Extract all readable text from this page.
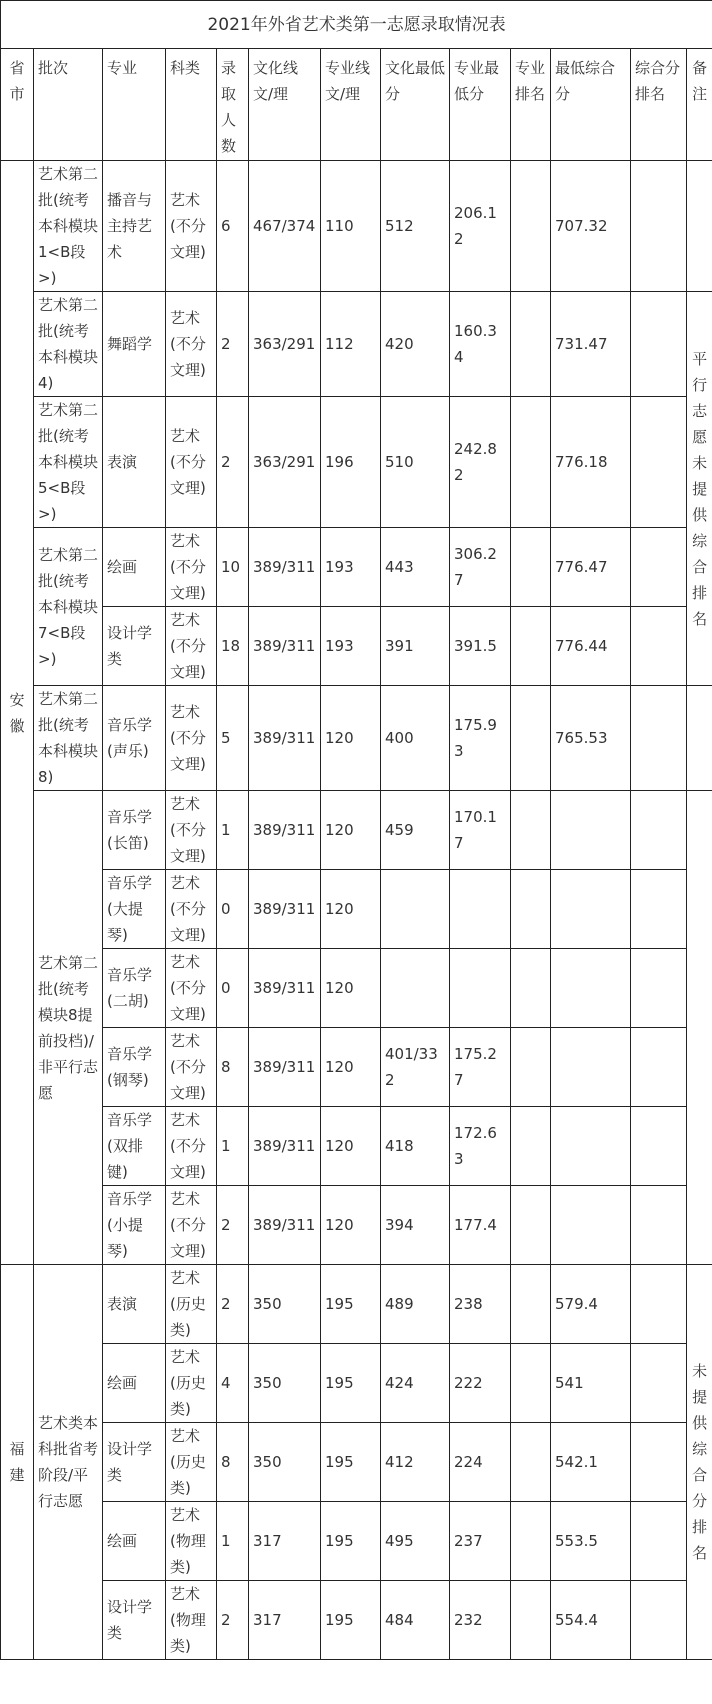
2021年外省艺术类第一志愿录取情况表												
省市	批次	专业	科类	录取人数	文化线文/理	专业线文/理	文化最低分	专业最低分	专业排名	最低综合分	综合分排名	备注
安徽	艺术第二批(统考本科模块1<B段>)	播音与主持艺术	艺术(不分文理)	6	467/374	110	512	206.12		707.32		
	艺术第二批(统考本科模块4)	舞蹈学	艺术(不分文理)	2	363/291	112	420	160.34		731.47		平行志愿未提供综合排名
	艺术第二批(统考本科模块5<B段>)	表演	艺术(不分文理)	2	363/291	196	510	242.82		776.18		
	艺术第二批(统考本科模块7<B段>)	绘画	艺术(不分文理)	10	389/311	193	443	306.27		776.47		
		设计学类	艺术(不分文理)	18	389/311	193	391	391.5		776.44		
	艺术第二批(统考本科模块8)	音乐学(声乐)	艺术(不分文理)	5	389/311	120	400	175.93		765.53		
	艺术第二批(统考模块8提前投档)/非平行志愿	音乐学(长笛)	艺术(不分文理)	1	389/311	120	459	170.17				
		音乐学(大提琴)	艺术(不分文理)	0	389/311	120						
		音乐学(二胡)	艺术(不分文理)	0	389/311	120						
		音乐学(钢琴)	艺术(不分文理)	8	389/311	120	401/332	175.27				
		音乐学(双排键)	艺术(不分文理)	1	389/311	120	418	172.63				
		音乐学(小提琴)	艺术(不分文理)	2	389/311	120	394	177.4				
福建	艺术类本科批省考阶段/平行志愿	表演	艺术(历史类)	2	350	195	489	238		579.4		未提供综合分排名
		绘画	艺术(历史类)	4	350	195	424	222		541		
		设计学类	艺术(历史类)	8	350	195	412	224		542.1		
		绘画	艺术(物理类)	1	317	195	495	237		553.5		
		设计学类	艺术(物理类)	2	317	195	484	232		554.4		
